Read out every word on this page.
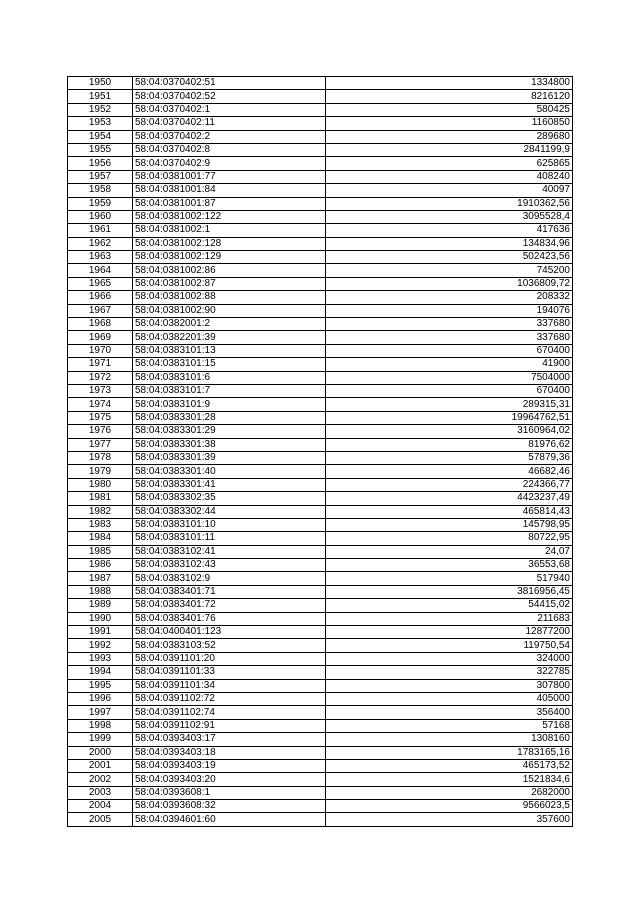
1950	58:04:0370402:51	1334800
1951	58:04:0370402:52	8216120
1952	58:04:0370402:1	580425
1953	58:04:0370402:11	1160850
1954	58:04:0370402:2	289680
1955	58:04:0370402:8	2841199,9
1956	58:04:0370402:9	625865
1957	58:04:0381001:77	408240
1958	58:04:0381001:84	40097
1959	58:04:0381001:87	1910362,56
1960	58:04:0381002:122	3095528,4
1961	58:04:0381002:1	417636
1962	58:04:0381002:128	134834,96
1963	58:04:0381002:129	502423,56
1964	58:04:0381002:86	745200
1965	58:04:0381002:87	1036809,72
1966	58:04:0381002:88	208332
1967	58:04:0381002:90	194076
1968	58:04:0382001:2	337680
1969	58:04:0382201:39	337680
1970	58:04:0383101:13	670400
1971	58:04:0383101:15	41900
1972	58:04:0383101:6	7504000
1973	58:04:0383101:7	670400
1974	58:04:0383101:9	289315,31
1975	58:04:0383301:28	19964762,51
1976	58:04:0383301:29	3160964,02
1977	58:04:0383301:38	81976,62
1978	58:04:0383301:39	57879,36
1979	58:04:0383301:40	46682,46
1980	58:04:0383301:41	224366,77
1981	58:04:0383302:35	4423237,49
1982	58:04:0383302:44	465814,43
1983	58:04:0383101:10	145798,95
1984	58:04:0383101:11	80722,95
1985	58:04:0383102:41	24,07
1986	58:04:0383102:43	36553,68
1987	58:04:0383102:9	517940
1988	58:04:0383401:71	3816956,45
1989	58:04:0383401:72	54415,02
1990	58:04:0383401:76	211683
1991	58:04:0400401:123	12877200
1992	58:04:0383103:52	119750,54
1993	58:04:0391101:20	324000
1994	58:04:0391101:33	322785
1995	58:04:0391101:34	307800
1996	58:04:0391102:72	405000
1997	58:04:0391102:74	356400
1998	58:04:0391102:91	57168
1999	58:04:0393403:17	1308160
2000	58:04:0393403:18	1783165,16
2001	58:04:0393403:19	465173,52
2002	58:04:0393403:20	1521834,6
2003	58:04:0393608:1	2682000
2004	58:04:0393608:32	9566023,5
2005	58:04:0394601:60	357600
